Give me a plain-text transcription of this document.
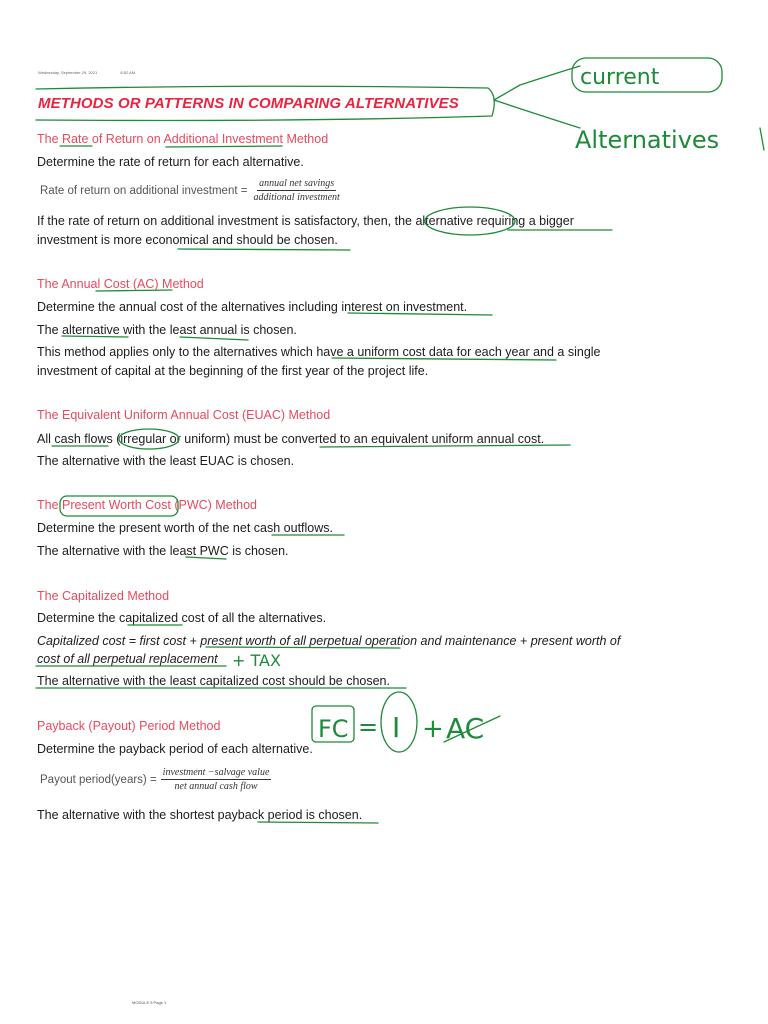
Wednesday, September 29, 2021	8:52 AM
METHODS OR PATTERNS IN COMPARING ALTERNATIVES
The Rate of Return on Additional Investment Method
Determine the rate of return for each alternative.
Rate of return on additional investment = $\frac{\text{annual net savings}}{\text{additional investment}}$
If the rate of return on additional investment is satisfactory, then, the alternative requiring a bigger
investment is more economical and should be chosen.
The Annual Cost (AC) Method
Determine the annual cost of the alternatives including interest on investment.
The alternative with the least annual is chosen.
This method applies only to the alternatives which have a uniform cost data for each year and a single
investment of capital at the beginning of the first year of the project life.
The Equivalent Uniform Annual Cost (EUAC) Method
All cash flows (irregular or uniform) must be converted to an equivalent uniform annual cost.
The alternative with the least EUAC is chosen.
The Present Worth Cost (PWC) Method
Determine the present worth of the net cash outflows.
The alternative with the least PWC is chosen.
The Capitalized Method
Determine the capitalized cost of all the alternatives.
Capitalized cost = first cost + present worth of all perpetual operation and maintenance + present worth of
cost of all perpetual replacement
The alternative with the least capitalized cost should be chosen.
Payback (Payout) Period Method
Determine the payback period of each alternative.
Payout period(years) = $\frac{\text{investment −salvage value}}{\text{net annual cash flow}}$
The alternative with the shortest payback period is chosen.
MODULE 5 Page 1
current
Alternatives
+ TAX
FC = I + AC
